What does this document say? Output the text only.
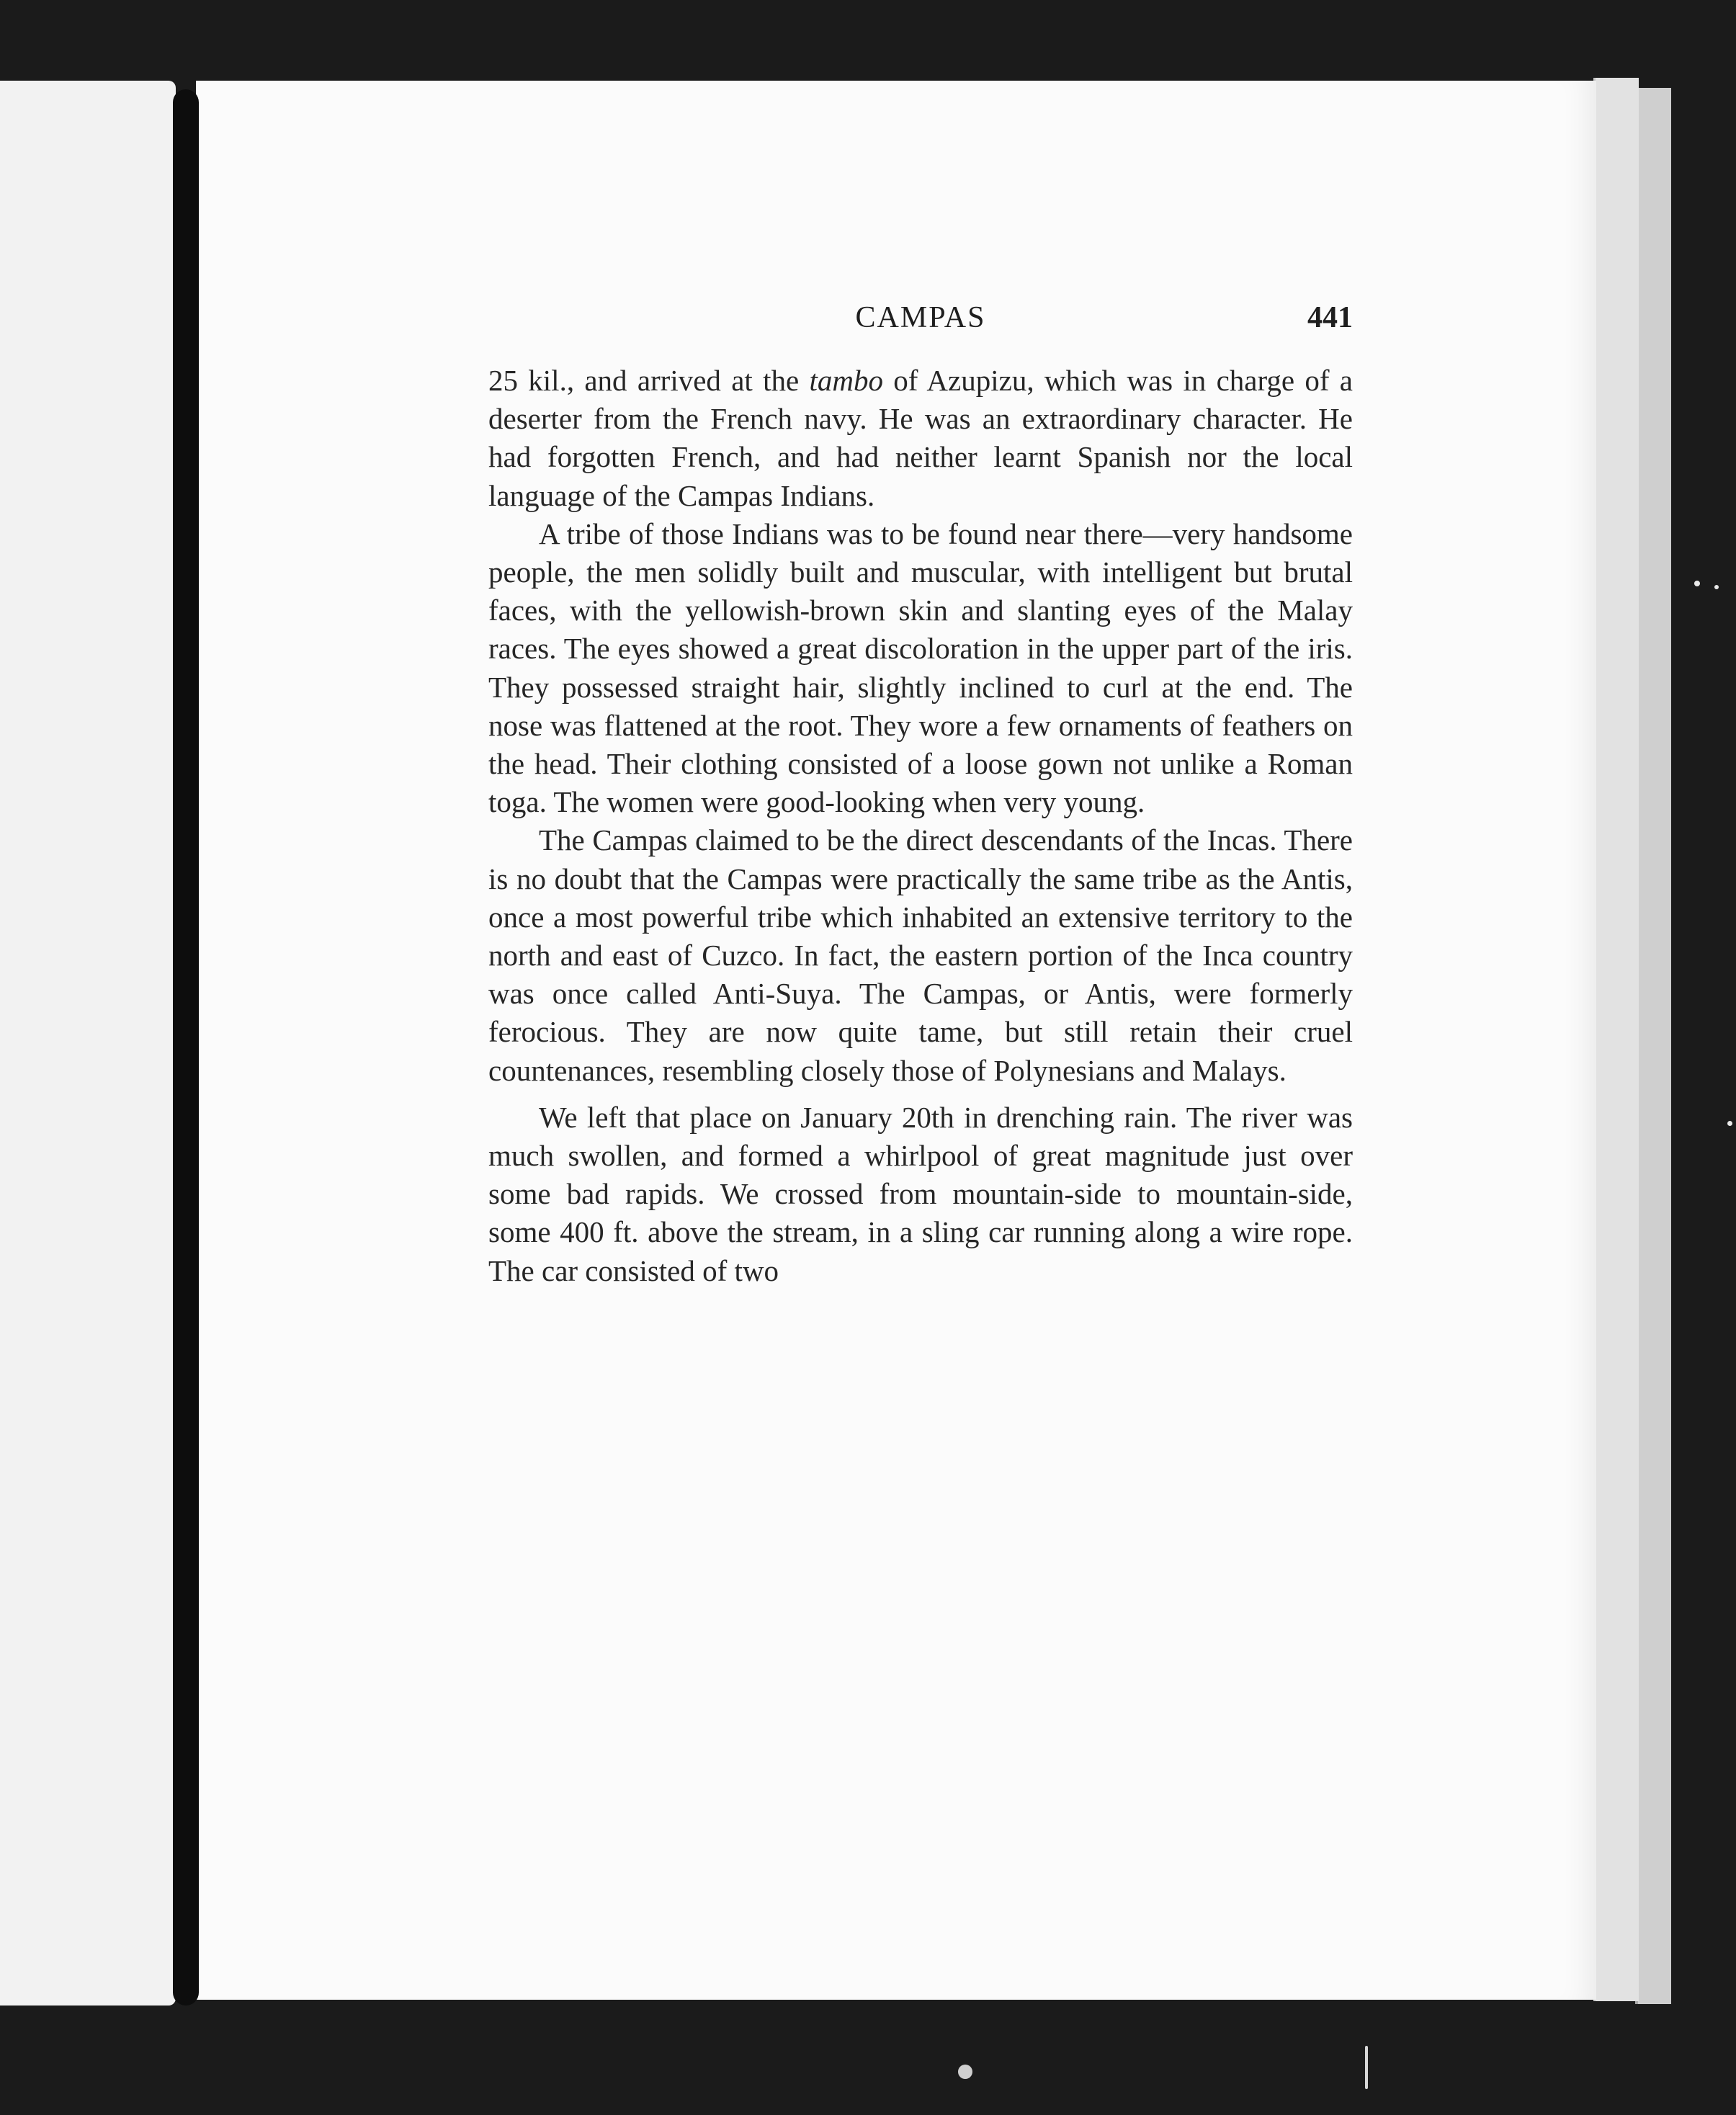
CAMPAS	441

25 kil., and arrived at the tambo of Azupizu, which was in charge of a deserter from the French navy. He was an extraordinary character. He had forgotten French, and had neither learnt Spanish nor the local language of the Campas Indians.

A tribe of those Indians was to be found near there—very handsome people, the men solidly built and muscular, with intelligent but brutal faces, with the yellowish-brown skin and slanting eyes of the Malay races. The eyes showed a great discoloration in the upper part of the iris. They possessed straight hair, slightly inclined to curl at the end. The nose was flattened at the root. They wore a few ornaments of feathers on the head. Their clothing consisted of a loose gown not unlike a Roman toga. The women were good-looking when very young.

The Campas claimed to be the direct descendants of the Incas. There is no doubt that the Campas were practically the same tribe as the Antis, once a most powerful tribe which inhabited an extensive territory to the north and east of Cuzco. In fact, the eastern portion of the Inca country was once called Anti-Suya. The Campas, or Antis, were formerly ferocious. They are now quite tame, but still retain their cruel countenances, resembling closely those of Polynesians and Malays.

We left that place on January 20th in drenching rain. The river was much swollen, and formed a whirlpool of great magnitude just over some bad rapids. We crossed from mountain-side to mountain-side, some 400 ft. above the stream, in a sling car running along a wire rope. The car consisted of two
